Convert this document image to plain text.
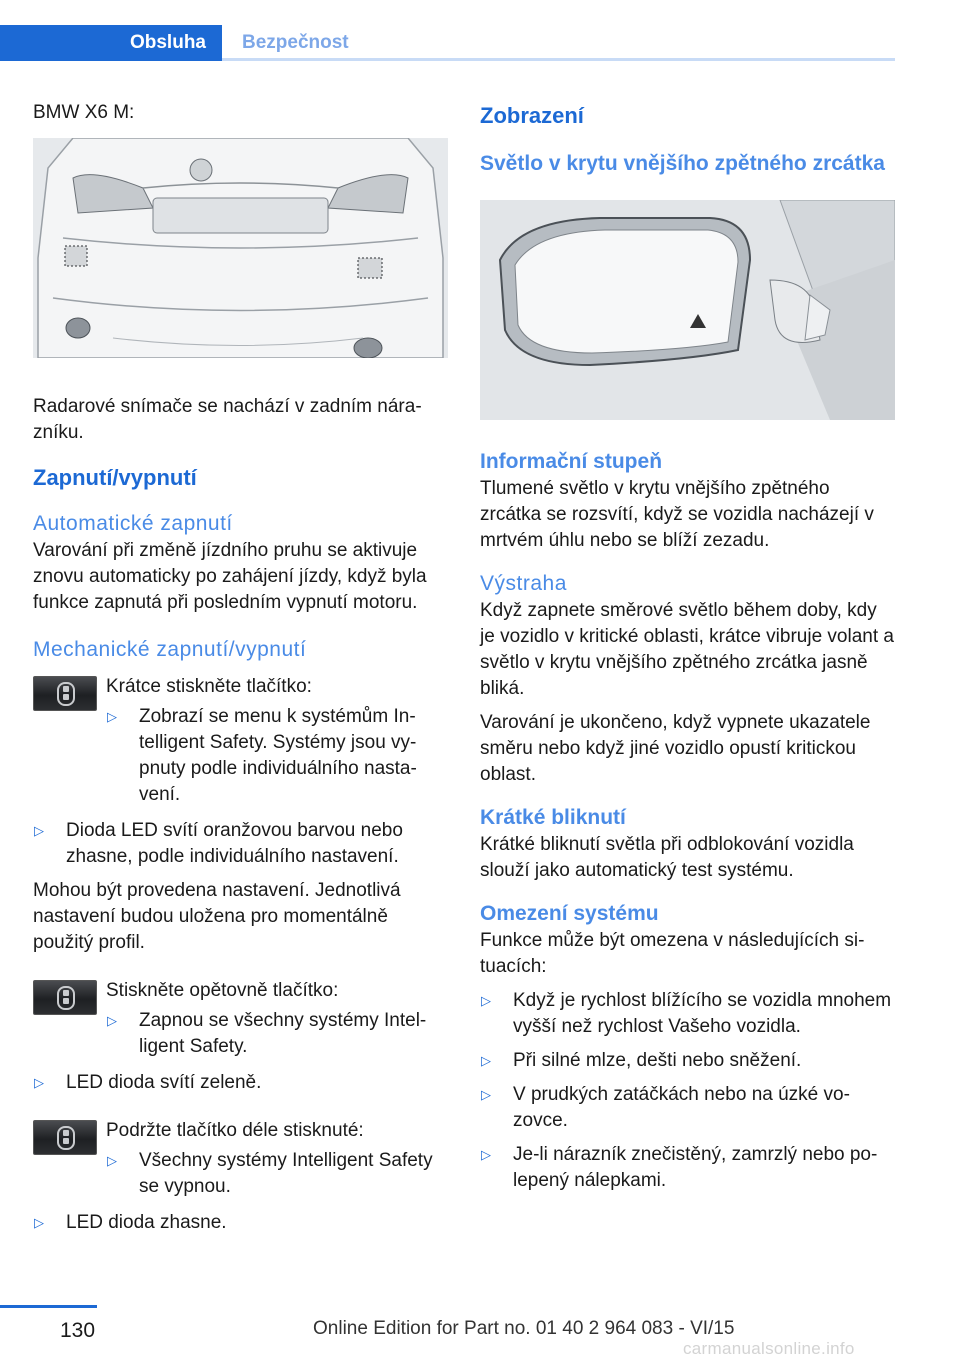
Obsluha	Bezpečnost

BMW X6 M:

Radarové snímače se nachází v zadním nárazníku.

Zapnutí/vypnutí

Automatické zapnutí

Varování při změně jízdního pruhu se aktivuje znovu automaticky po zahájení jízdy, když byla funkce zapnutá při posledním vypnutí motoru.

Mechanické zapnutí/vypnutí

Krátce stiskněte tlačítko:

▷ Zobrazí se menu k systémům Intelligent Safety. Systémy jsou vypnuty podle individuálního nastavení.
▷ Dioda LED svítí oranžovou barvou nebo zhasne, podle individuálního nastavení.

Mohou být provedena nastavení. Jednotlivá nastavení budou uložena pro momentálně použitý profil.

Stiskněte opětovně tlačítko:

▷ Zapnou se všechny systémy Intelligent Safety.
▷ LED dioda svítí zeleně.

Podržte tlačítko déle stisknuté:

▷ Všechny systémy Intelligent Safety se vypnou.
▷ LED dioda zhasne.

Zobrazení

Světlo v krytu vnějšího zpětného zrcátka

Informační stupeň

Tlumené světlo v krytu vnějšího zpětného zrcátka se rozsvítí, když se vozidla nacházejí v mrtvém úhlu nebo se blíží zezadu.

Výstraha

Když zapnete směrové světlo během doby, kdy je vozidlo v kritické oblasti, krátce vibruje volant a světlo v krytu vnějšího zpětného zrcátka jasně bliká.

Varování je ukončeno, když vypnete ukazatele směru nebo když jiné vozidlo opustí kritickou oblast.

Krátké bliknutí

Krátké bliknutí světla při odblokování vozidla slouží jako automatický test systému.

Omezení systému

Funkce může být omezena v následujících situacích:

▷ Když je rychlost blížícího se vozidla mnohem vyšší než rychlost Vašeho vozidla.
▷ Při silné mlze, dešti nebo sněžení.
▷ V prudkých zatáčkách nebo na úzké vozovce.
▷ Je-li nárazník znečistěný, zamrzlý nebo polepený nálepkami.
130	Online Edition for Part no. 01 40 2 964 083 - VI/15
carmanualsonline.info
